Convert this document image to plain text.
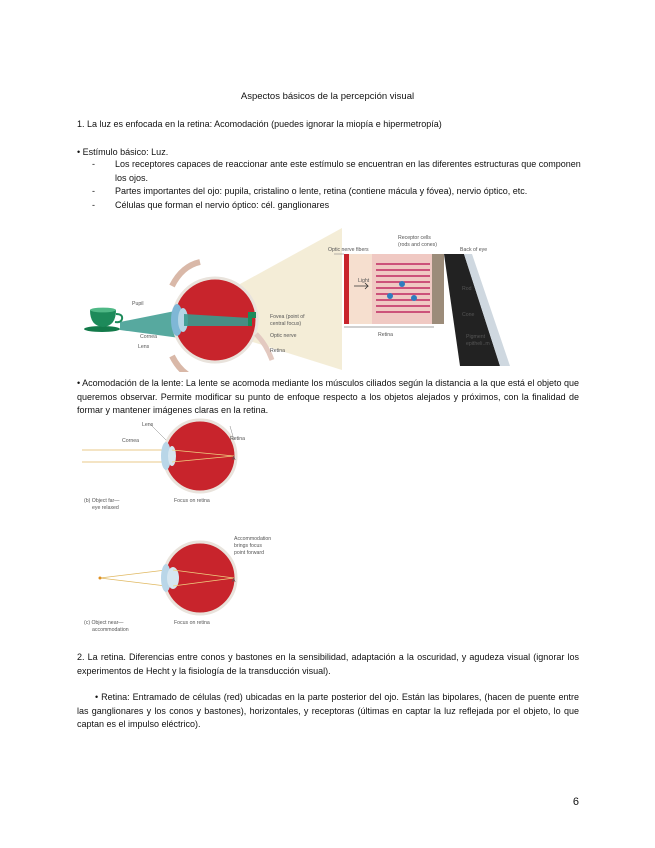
Aspectos básicos de la percepción visual
1. La luz es enfocada en la retina: Acomodación (puedes ignorar la miopía e hipermetropía)
• Estímulo básico: Luz.
- Los receptores capaces de reaccionar ante este estímulo se encuentran en las diferentes estructuras que componen los ojos.
- Partes importantes del ojo: pupila, cristalino o lente, retina (contiene mácula y fóvea), nervio óptico, etc.
- Células que forman el nervio óptico: cél. ganglionares
Pupil
Cornea
Lens
Fovea (point of
central focus)
Optic nerve
Retina
Optic nerve fibers
Receptor cells
(rods and cones)
Back of eye
Light
Rod
Cone
Retina	Pigment
epitheli..m
• Acomodación de la lente: La lente se acomoda mediante los músculos ciliados según la distancia a la que está el objeto que queremos observar. Permite modificar su punto de enfoque respecto a los objetos alejados y próximos, con la finalidad de formar y mantener imágenes claras en la retina.
Lens
Cornea	Retina
A
(b) Object far—
eye relaxed
Focus on retina
Accommodation
brings focus
point forward
A
(c) Object near—
accommodation
Focus on retina
2. La retina. Diferencias entre conos y bastones en la sensibilidad, adaptación a la oscuridad, y agudeza visual (ignorar los experimentos de Hecht y la fisiología de la transducción visual).
• Retina: Entramado de células (red) ubicadas en la parte posterior del ojo. Están las bipolares, (hacen de puente entre las ganglionares y los conos y bastones), horizontales, y receptoras (últimas en captar la luz reflejada por el objeto, lo que captan es el impulso eléctrico).
6
